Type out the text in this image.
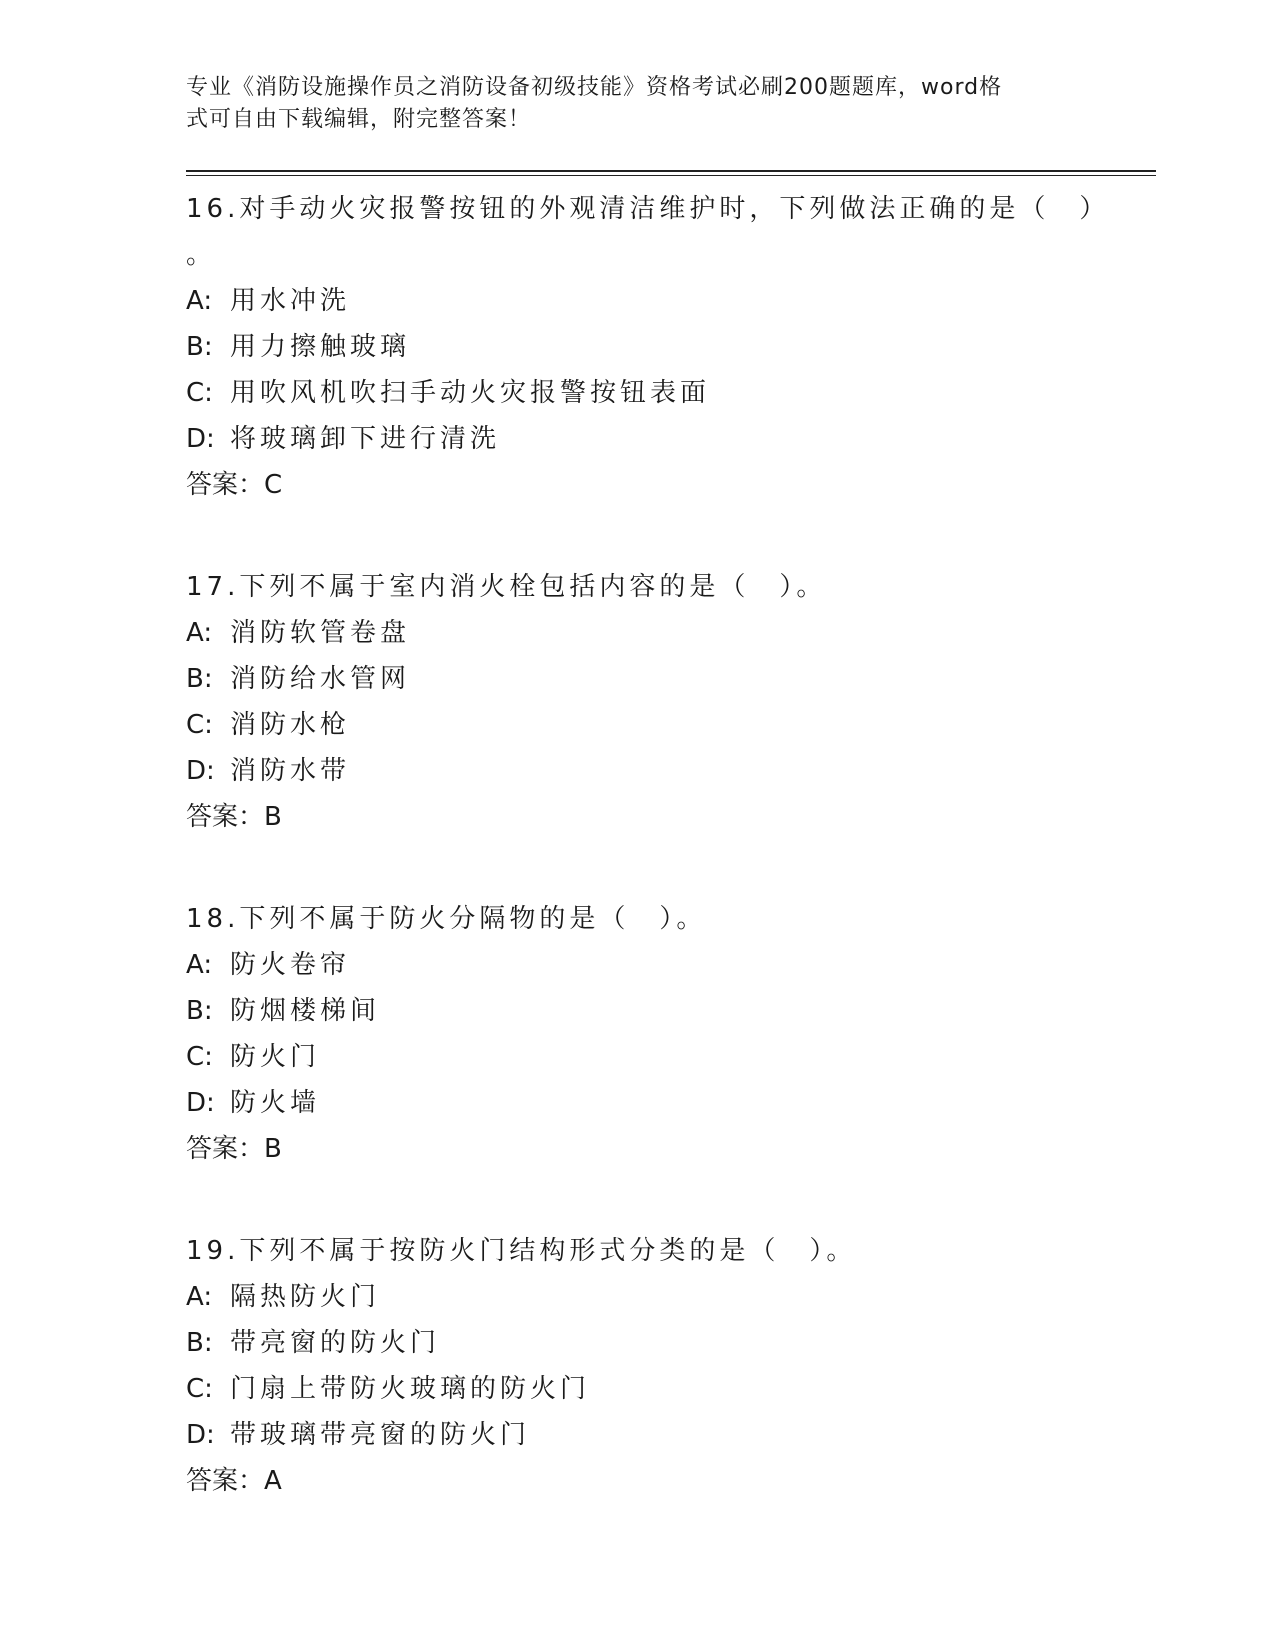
专业《消防设施操作员之消防设备初级技能》资格考试必刷200题题库，word格
式可自由下载编辑，附完整答案！
16.对手动火灾报警按钮的外观清洁维护时，下列做法正确的是（　）
。
A: 用水冲洗
B: 用力擦触玻璃
C: 用吹风机吹扫手动火灾报警按钮表面
D: 将玻璃卸下进行清洗
答案：C
17.下列不属于室内消火栓包括内容的是（　）。
A: 消防软管卷盘
B: 消防给水管网
C: 消防水枪
D: 消防水带
答案：B
18.下列不属于防火分隔物的是（　）。
A: 防火卷帘
B: 防烟楼梯间
C: 防火门
D: 防火墙
答案：B
19.下列不属于按防火门结构形式分类的是（　）。
A: 隔热防火门
B: 带亮窗的防火门
C: 门扇上带防火玻璃的防火门
D: 带玻璃带亮窗的防火门
答案：A
